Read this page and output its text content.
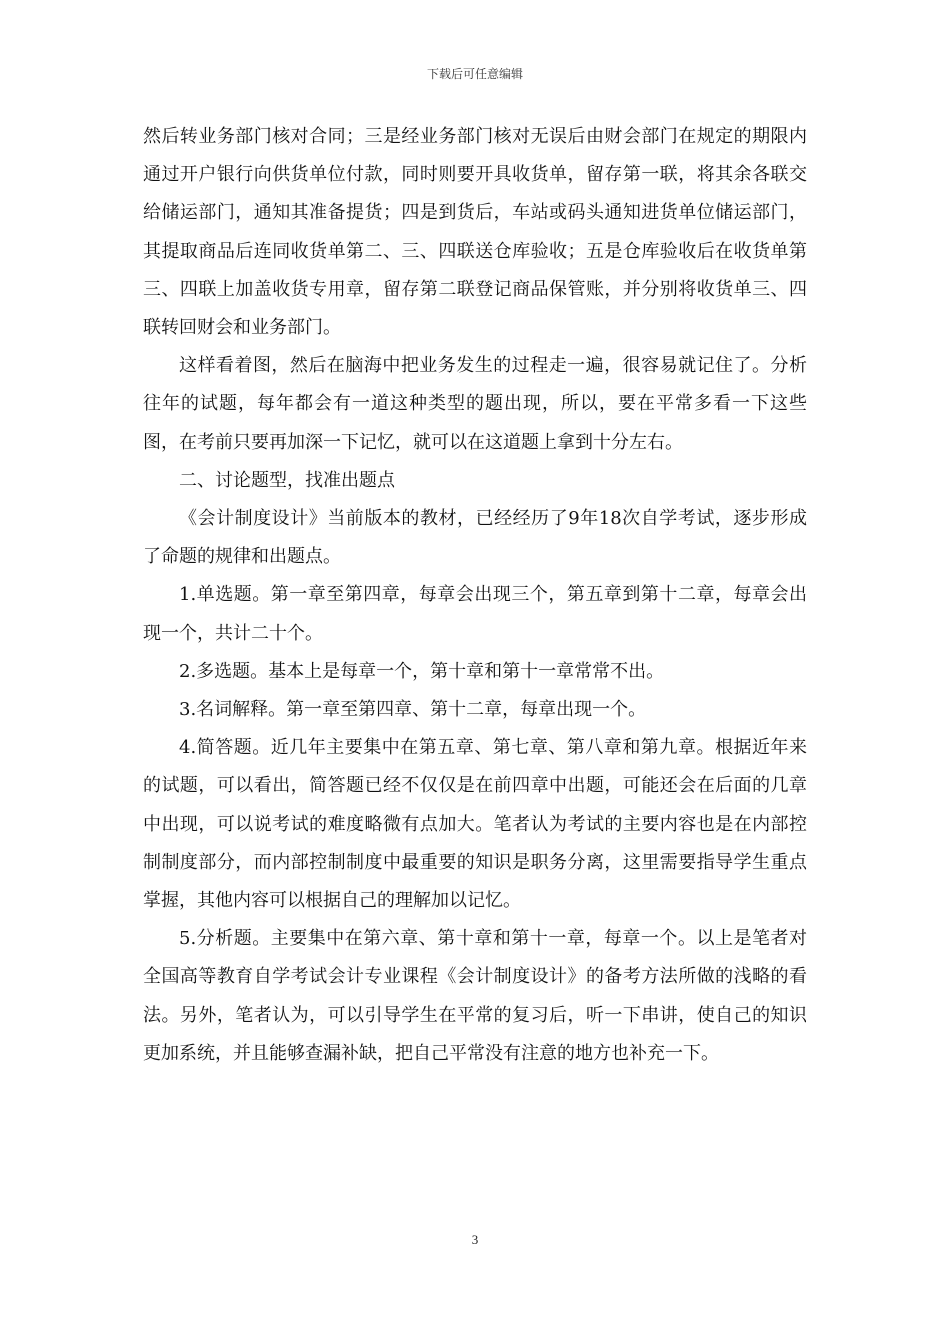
下载后可任意编辑

然后转业务部门核对合同；三是经业务部门核对无误后由财会部门在规定的期限内通过开户银行向供货单位付款，同时则要开具收货单，留存第一联，将其余各联交给储运部门，通知其准备提货；四是到货后，车站或码头通知进货单位储运部门，其提取商品后连同收货单第二、三、四联送仓库验收；五是仓库验收后在收货单第三、四联上加盖收货专用章，留存第二联登记商品保管账，并分别将收货单三、四联转回财会和业务部门。

这样看着图，然后在脑海中把业务发生的过程走一遍，很容易就记住了。分析往年的试题，每年都会有一道这种类型的题出现，所以，要在平常多看一下这些图，在考前只要再加深一下记忆，就可以在这道题上拿到十分左右。

二、讨论题型，找准出题点

《会计制度设计》当前版本的教材，已经经历了9年18次自学考试，逐步形成了命题的规律和出题点。

1.单选题。第一章至第四章，每章会出现三个，第五章到第十二章，每章会出现一个，共计二十个。

2.多选题。基本上是每章一个，第十章和第十一章常常不出。

3.名词解释。第一章至第四章、第十二章，每章出现一个。

4.简答题。近几年主要集中在第五章、第七章、第八章和第九章。根据近年来的试题，可以看出，简答题已经不仅仅是在前四章中出题，可能还会在后面的几章中出现，可以说考试的难度略微有点加大。笔者认为考试的主要内容也是在内部控制制度部分，而内部控制制度中最重要的知识是职务分离，这里需要指导学生重点掌握，其他内容可以根据自己的理解加以记忆。

5.分析题。主要集中在第六章、第十章和第十一章，每章一个。以上是笔者对全国高等教育自学考试会计专业课程《会计制度设计》的备考方法所做的浅略的看法。另外，笔者认为，可以引导学生在平常的复习后，听一下串讲，使自己的知识更加系统，并且能够查漏补缺，把自己平常没有注意的地方也补充一下。

3
